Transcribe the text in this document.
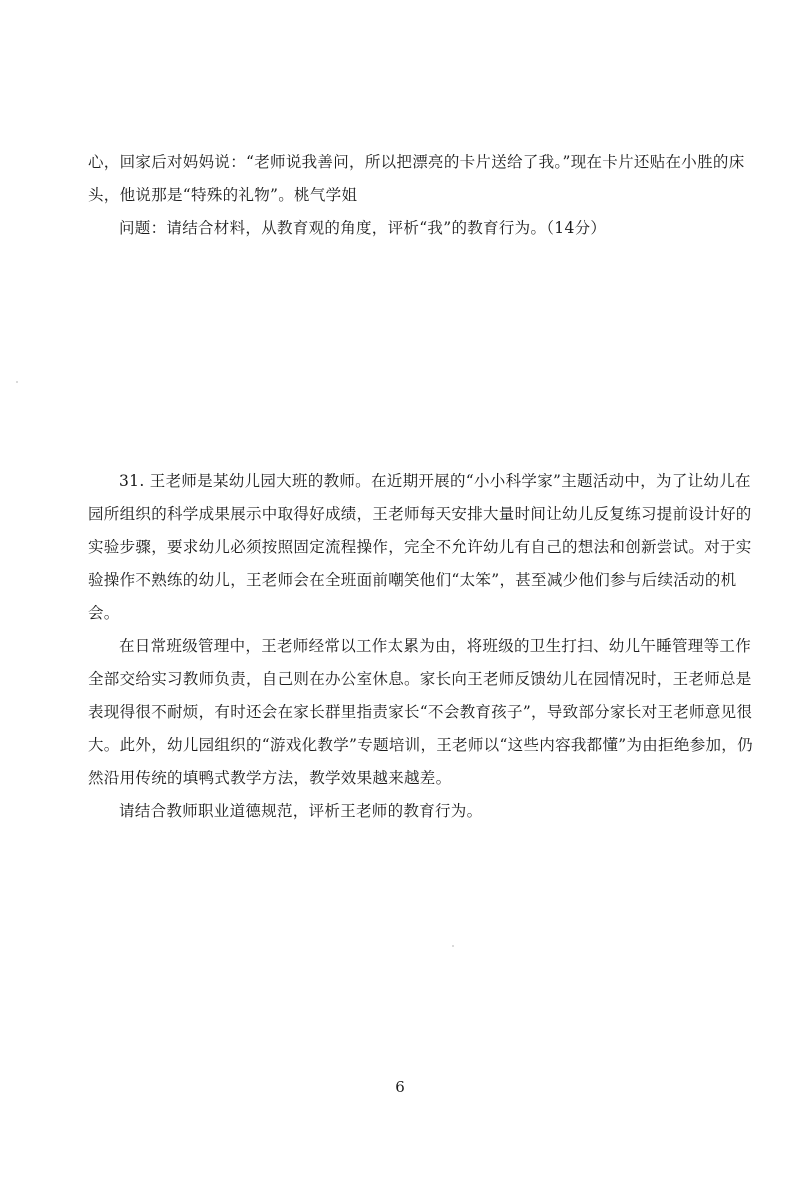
心，回家后对妈妈说：“老师说我善问，所以把漂亮的卡片送给了我。”现在卡片还贴在小胜的床头，他说那是“特殊的礼物”。桃气学姐

问题：请结合材料，从教育观的角度，评析“我”的教育行为。（14分）

31. 王老师是某幼儿园大班的教师。在近期开展的“小小科学家”主题活动中，为了让幼儿在园所组织的科学成果展示中取得好成绩，王老师每天安排大量时间让幼儿反复练习提前设计好的实验步骤，要求幼儿必须按照固定流程操作，完全不允许幼儿有自己的想法和创新尝试。对于实验操作不熟练的幼儿，王老师会在全班面前嘲笑他们“太笨”，甚至减少他们参与后续活动的机会。

在日常班级管理中，王老师经常以工作太累为由，将班级的卫生打扫、幼儿午睡管理等工作全部交给实习教师负责，自己则在办公室休息。家长向王老师反馈幼儿在园情况时，王老师总是表现得很不耐烦，有时还会在家长群里指责家长“不会教育孩子”，导致部分家长对王老师意见很大。此外，幼儿园组织的“游戏化教学”专题培训，王老师以“这些内容我都懂”为由拒绝参加，仍然沿用传统的填鸭式教学方法，教学效果越来越差。

请结合教师职业道德规范，评析王老师的教育行为。

6
